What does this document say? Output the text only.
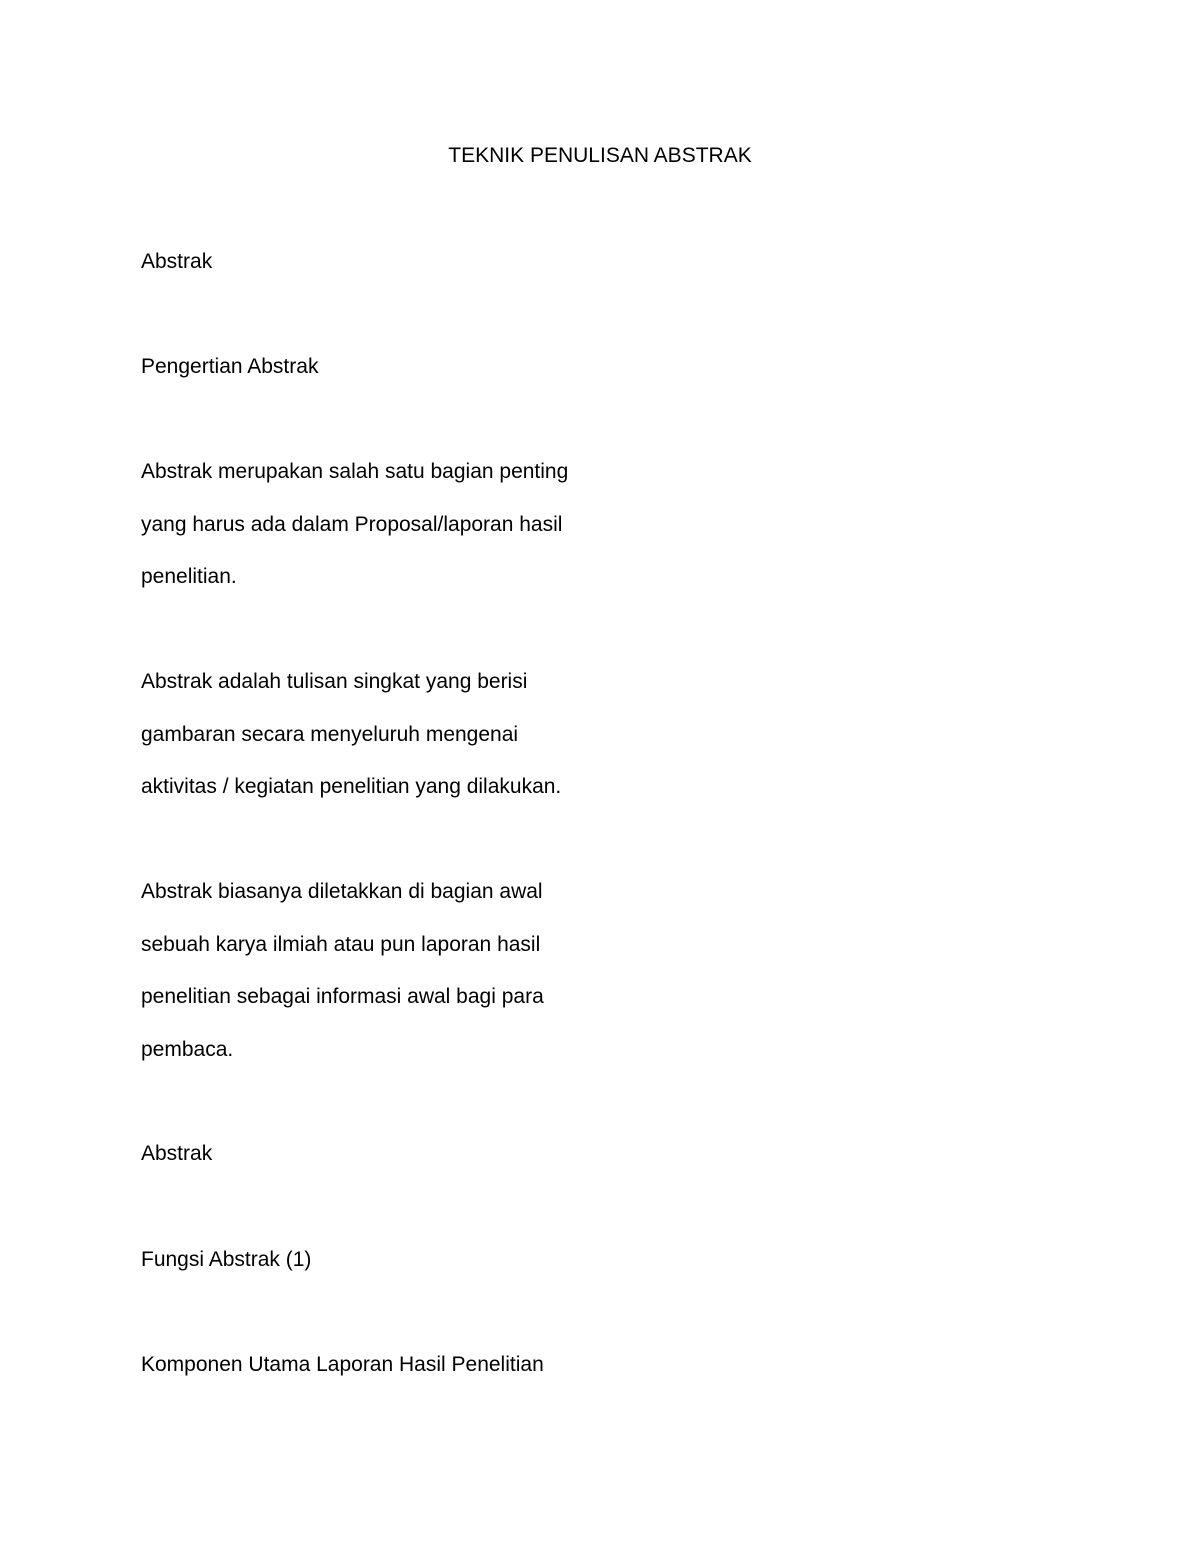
TEKNIK PENULISAN ABSTRAK
Abstrak
Pengertian Abstrak
Abstrak merupakan salah satu bagian penting
yang harus ada dalam Proposal/laporan hasil
penelitian.
Abstrak adalah tulisan singkat yang berisi
gambaran secara menyeluruh mengenai
aktivitas / kegiatan penelitian yang dilakukan.
Abstrak biasanya diletakkan di bagian awal
sebuah karya ilmiah atau pun laporan hasil
penelitian sebagai informasi awal bagi para
pembaca.
Abstrak
Fungsi Abstrak (1)
Komponen Utama Laporan Hasil Penelitian
